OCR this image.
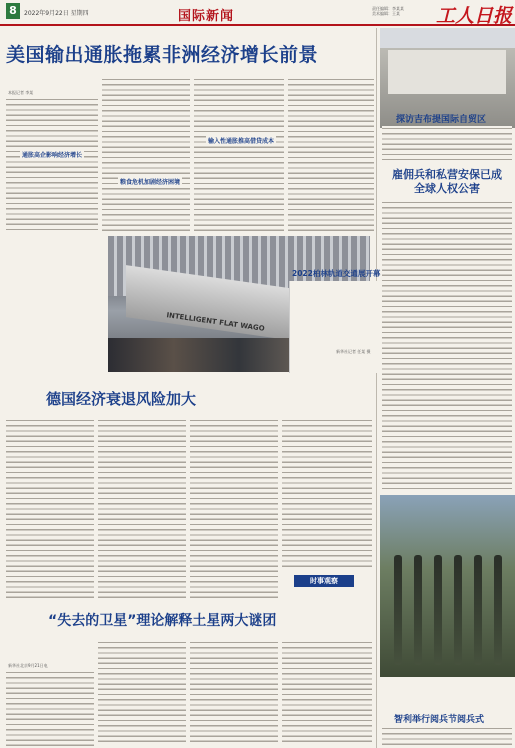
8	2022年9月22日 星期四	国际新闻
责任编辑：李某某
美术编辑：王某 工人日报
美国输出通胀拖累非洲经济增长前景
本报记者 李某
通胀高企影响经济增长
粮食危机加剧经济困境
输入性通胀推高借贷成本
INTELLIGENT FLAT WAGO
2022柏林轨道交通展开幕
新华社记者 任某 摄
德国经济衰退风险加大
时事观察
“失去的卫星”理论解释土星两大谜团
新华社北京9月21日电
探访吉布提国际自贸区
雇佣兵和私营安保已成全球人权公害
智利举行阅兵节阅兵式
